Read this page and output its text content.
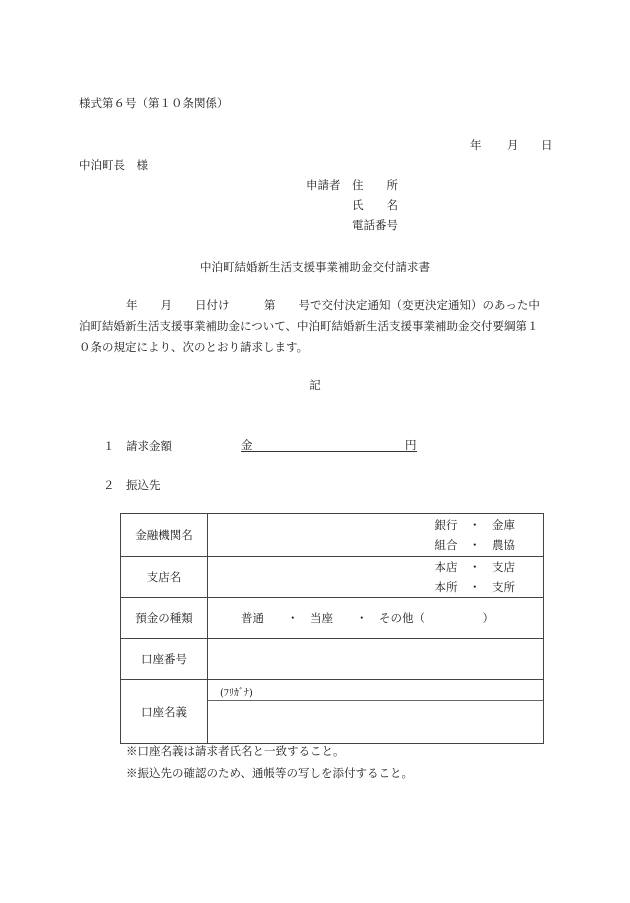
様式第６号（第１０条関係）
年 月 日
中泊町長　様
申請者 住　　所
氏　　名
電話番号
中泊町結婚新生活支援事業補助金交付請求書
年　　月　　日付け　　　第　　号で交付決定通知（変更決定通知）のあった中
泊町結婚新生活支援事業補助金について、中泊町結婚新生活支援事業補助金交付要綱第１
０条の規定により、次のとおり請求します。
記
１ 請求金額	金	円
２ 振込先
金融機関名	銀行　・　金庫
組合　・　農協

支店名	本店　・　支店
本所　・　支所

預金の種類	普通　　・　当座　　・　その他（　　　　　）

口座番号	
口座名義	(ﾌﾘｶﾞﾅ)
※口座名義は請求者氏名と一致すること。
※振込先の確認のため、通帳等の写しを添付すること。
